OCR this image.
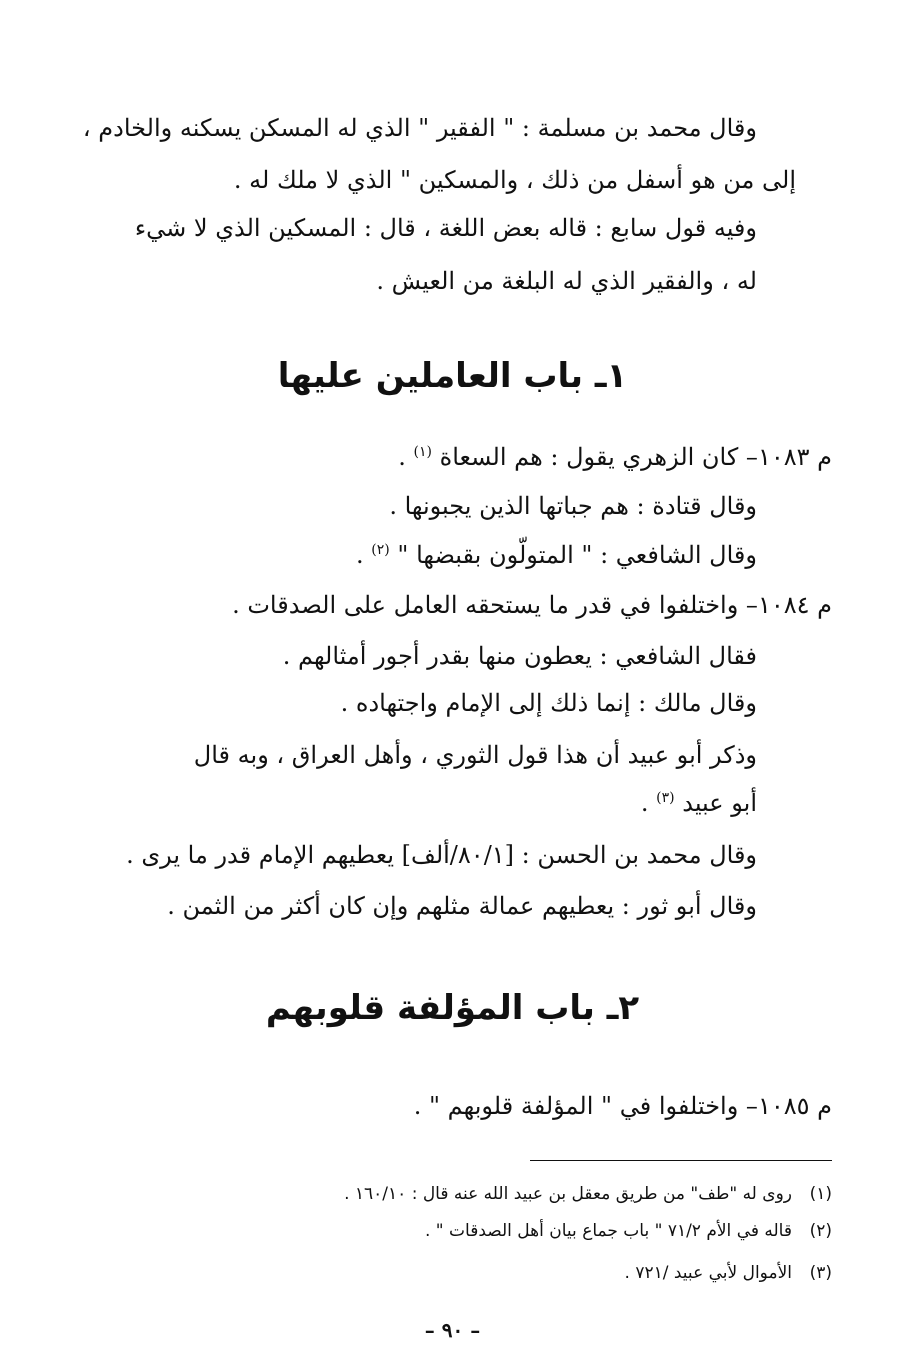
وقال محمد بن مسلمة : " الفقير " الذي له المسكن يسكنه والخادم ،
إلى من هو أسفل من ذلك ، والمسكين " الذي لا ملك له .
وفيه قول سابع : قاله بعض اللغة ، قال : المسكين الذي لا شيء
له ، والفقير الذي له البلغة من العيش .
١ـ باب العاملين عليها
م ١٠٨٣– كان الزهري يقول : هم السعاة $^{(١)}$ .
وقال قتادة : هم جباتها الذين يجبونها .
وقال الشافعي : " المتولّون بقبضها " $^{(٢)}$ .
م ١٠٨٤– واختلفوا في قدر ما يستحقه العامل على الصدقات .
فقال الشافعي : يعطون منها بقدر أجور أمثالهم .
وقال مالك : إنما ذلك إلى الإمام واجتهاده .
وذكر أبو عبيد أن هذا قول الثوري ، وأهل العراق ، وبه قال
أبو عبيد $^{(٣)}$ .
وقال محمد بن الحسن : [٨٠/١/ألف] يعطيهم الإمام قدر ما يرى .
وقال أبو ثور : يعطيهم عمالة مثلهم وإن كان أكثر من الثمن .
٢ـ باب المؤلفة قلوبهم
م ١٠٨٥– واختلفوا في " المؤلفة قلوبهم " .
(١)روى له "طف" من طريق معقل بن عبيد الله عنه قال : ١٦٠/١٠ .
(٢)قاله في الأم ٧١/٢ " باب جماع بيان أهل الصدقات " .
(٣)الأموال لأبي عبيد /٧٢١ .
– ٩٠ –
